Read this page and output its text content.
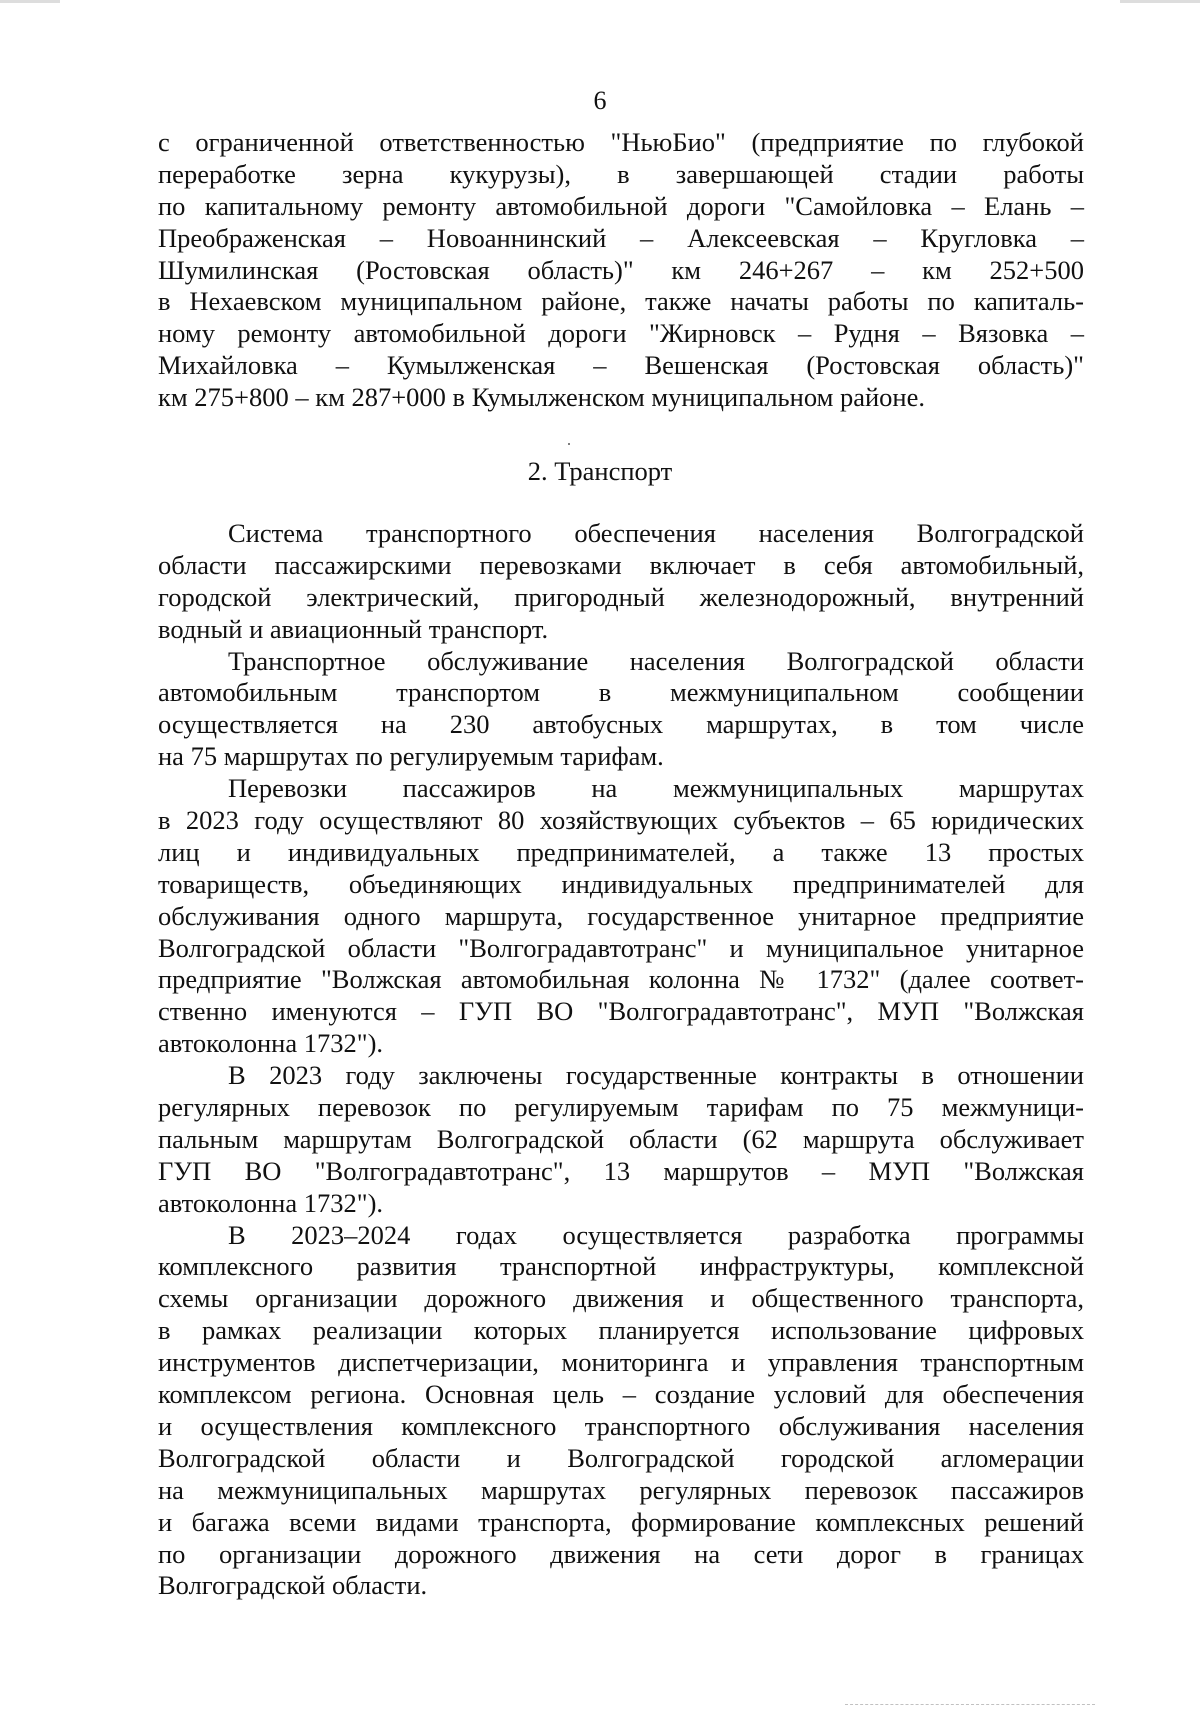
6
с ограниченной ответственностью "НьюБио" (предприятие по глубокой
переработке зерна кукурузы), в завершающей стадии работы
по капитальному ремонту автомобильной дороги "Самойловка – Елань –
Преображенская – Новоаннинский – Алексеевская – Кругловка –
Шумилинская (Ростовская область)" км 246+267 – км 252+500
в Нехаевском муниципальном районе, также начаты работы по капиталь-
ному ремонту автомобильной дороги "Жирновск – Рудня – Вязовка –
Михайловка – Кумылженская – Вешенская (Ростовская область)"
км 275+800 – км 287+000 в Кумылженском муниципальном районе.
2. Транспорт
Система транспортного обеспечения населения Волгоградской
области пассажирскими перевозками включает в себя автомобильный,
городской электрический, пригородный железнодорожный, внутренний
водный и авиационный транспорт.
Транспортное обслуживание населения Волгоградской области
автомобильным транспортом в межмуниципальном сообщении
осуществляется на 230 автобусных маршрутах, в том числе
на 75 маршрутах по регулируемым тарифам.
Перевозки пассажиров на межмуниципальных маршрутах
в 2023 году осуществляют 80 хозяйствующих субъектов – 65 юридических
лиц и индивидуальных предпринимателей, а также 13 простых
товариществ, объединяющих индивидуальных предпринимателей для
обслуживания одного маршрута, государственное унитарное предприятие
Волгоградской области "Волгоградавтотранс" и муниципальное унитарное
предприятие "Волжская автомобильная колонна № 1732" (далее соответ-
ственно именуются – ГУП ВО "Волгоградавтотранс", МУП "Волжская
автоколонна 1732").
В 2023 году заключены государственные контракты в отношении
регулярных перевозок по регулируемым тарифам по 75 межмуници-
пальным маршрутам Волгоградской области (62 маршрута обслуживает
ГУП ВО "Волгоградавтотранс", 13 маршрутов – МУП "Волжская
автоколонна 1732").
В 2023–2024 годах осуществляется разработка программы
комплексного развития транспортной инфраструктуры, комплексной
схемы организации дорожного движения и общественного транспорта,
в рамках реализации которых планируется использование цифровых
инструментов диспетчеризации, мониторинга и управления транспортным
комплексом региона. Основная цель – создание условий для обеспечения
и осуществления комплексного транспортного обслуживания населения
Волгоградской области и Волгоградской городской агломерации
на межмуниципальных маршрутах регулярных перевозок пассажиров
и багажа всеми видами транспорта, формирование комплексных решений
по организации дорожного движения на сети дорог в границах
Волгоградской области.
